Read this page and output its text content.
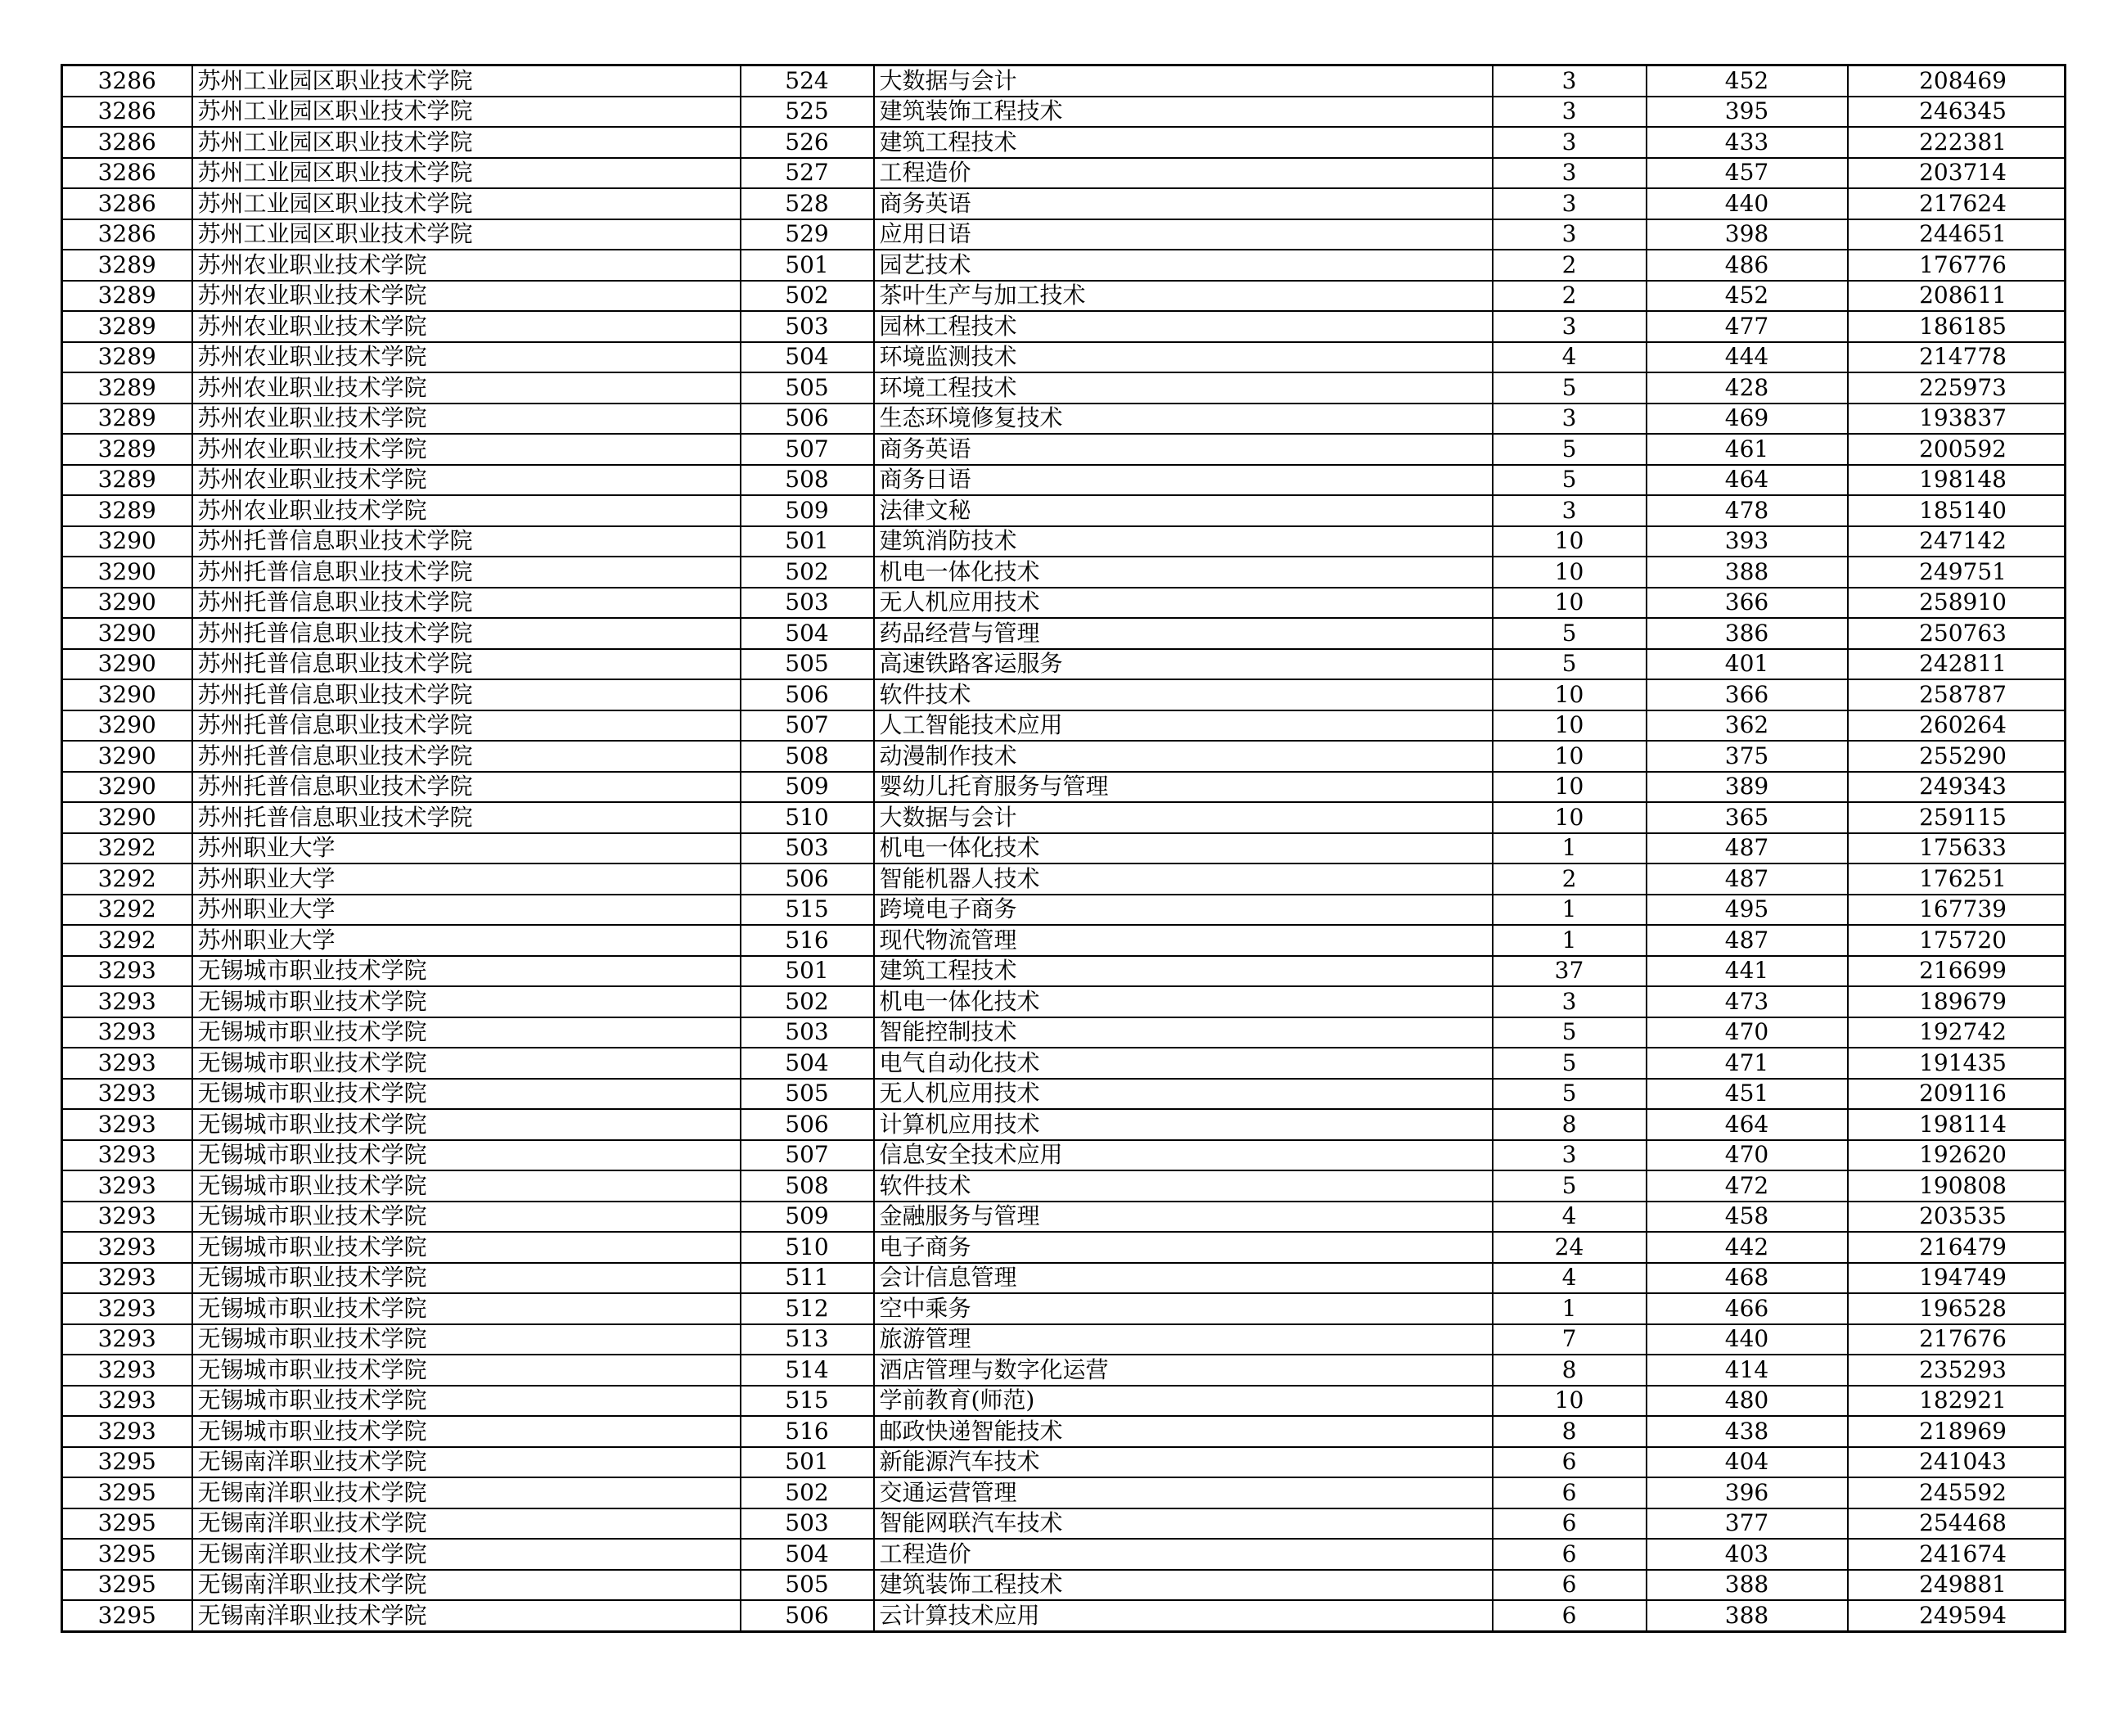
3286	苏州工业园区职业技术学院	524	大数据与会计	3	452	208469
3286	苏州工业园区职业技术学院	525	建筑装饰工程技术	3	395	246345
3286	苏州工业园区职业技术学院	526	建筑工程技术	3	433	222381
3286	苏州工业园区职业技术学院	527	工程造价	3	457	203714
3286	苏州工业园区职业技术学院	528	商务英语	3	440	217624
3286	苏州工业园区职业技术学院	529	应用日语	3	398	244651
3289	苏州农业职业技术学院	501	园艺技术	2	486	176776
3289	苏州农业职业技术学院	502	茶叶生产与加工技术	2	452	208611
3289	苏州农业职业技术学院	503	园林工程技术	3	477	186185
3289	苏州农业职业技术学院	504	环境监测技术	4	444	214778
3289	苏州农业职业技术学院	505	环境工程技术	5	428	225973
3289	苏州农业职业技术学院	506	生态环境修复技术	3	469	193837
3289	苏州农业职业技术学院	507	商务英语	5	461	200592
3289	苏州农业职业技术学院	508	商务日语	5	464	198148
3289	苏州农业职业技术学院	509	法律文秘	3	478	185140
3290	苏州托普信息职业技术学院	501	建筑消防技术	10	393	247142
3290	苏州托普信息职业技术学院	502	机电一体化技术	10	388	249751
3290	苏州托普信息职业技术学院	503	无人机应用技术	10	366	258910
3290	苏州托普信息职业技术学院	504	药品经营与管理	5	386	250763
3290	苏州托普信息职业技术学院	505	高速铁路客运服务	5	401	242811
3290	苏州托普信息职业技术学院	506	软件技术	10	366	258787
3290	苏州托普信息职业技术学院	507	人工智能技术应用	10	362	260264
3290	苏州托普信息职业技术学院	508	动漫制作技术	10	375	255290
3290	苏州托普信息职业技术学院	509	婴幼儿托育服务与管理	10	389	249343
3290	苏州托普信息职业技术学院	510	大数据与会计	10	365	259115
3292	苏州职业大学	503	机电一体化技术	1	487	175633
3292	苏州职业大学	506	智能机器人技术	2	487	176251
3292	苏州职业大学	515	跨境电子商务	1	495	167739
3292	苏州职业大学	516	现代物流管理	1	487	175720
3293	无锡城市职业技术学院	501	建筑工程技术	37	441	216699
3293	无锡城市职业技术学院	502	机电一体化技术	3	473	189679
3293	无锡城市职业技术学院	503	智能控制技术	5	470	192742
3293	无锡城市职业技术学院	504	电气自动化技术	5	471	191435
3293	无锡城市职业技术学院	505	无人机应用技术	5	451	209116
3293	无锡城市职业技术学院	506	计算机应用技术	8	464	198114
3293	无锡城市职业技术学院	507	信息安全技术应用	3	470	192620
3293	无锡城市职业技术学院	508	软件技术	5	472	190808
3293	无锡城市职业技术学院	509	金融服务与管理	4	458	203535
3293	无锡城市职业技术学院	510	电子商务	24	442	216479
3293	无锡城市职业技术学院	511	会计信息管理	4	468	194749
3293	无锡城市职业技术学院	512	空中乘务	1	466	196528
3293	无锡城市职业技术学院	513	旅游管理	7	440	217676
3293	无锡城市职业技术学院	514	酒店管理与数字化运营	8	414	235293
3293	无锡城市职业技术学院	515	学前教育(师范)	10	480	182921
3293	无锡城市职业技术学院	516	邮政快递智能技术	8	438	218969
3295	无锡南洋职业技术学院	501	新能源汽车技术	6	404	241043
3295	无锡南洋职业技术学院	502	交通运营管理	6	396	245592
3295	无锡南洋职业技术学院	503	智能网联汽车技术	6	377	254468
3295	无锡南洋职业技术学院	504	工程造价	6	403	241674
3295	无锡南洋职业技术学院	505	建筑装饰工程技术	6	388	249881
3295	无锡南洋职业技术学院	506	云计算技术应用	6	388	249594
